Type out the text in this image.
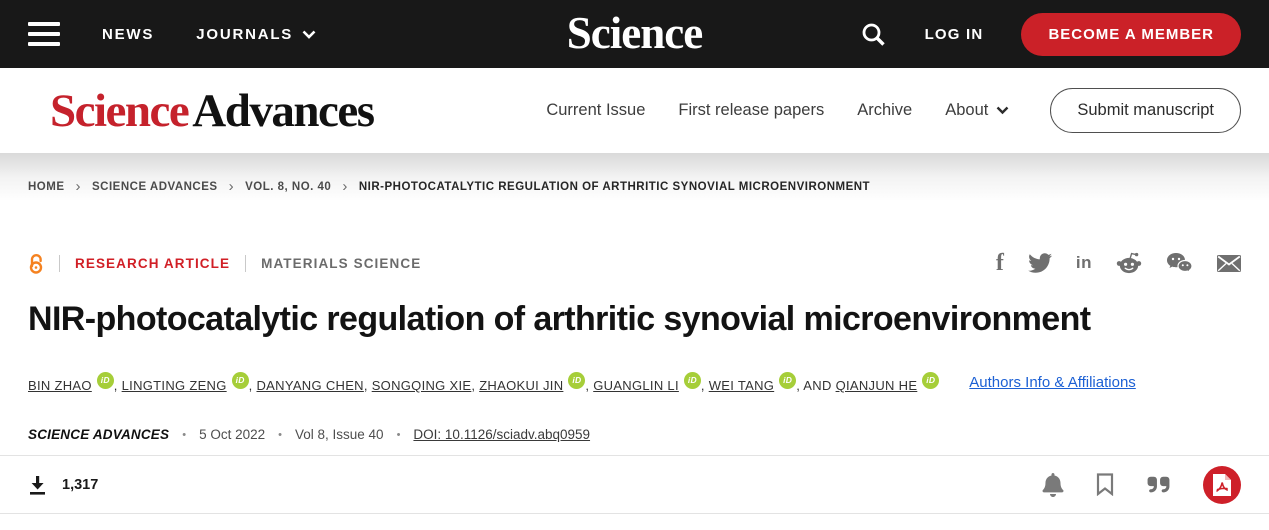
NEWS	JOURNALS	Science	LOG IN	BECOME A MEMBER
ScienceAdvances	Current Issue First release papers Archive About	Submit manuscript
HOME › SCIENCE ADVANCES › VOL. 8, NO. 40 › NIR-PHOTOCATALYTIC REGULATION OF ARTHRITIC SYNOVIAL MICROENVIRONMENT
RESEARCH ARTICLE MATERIALS SCIENCE	f	in
NIR-photocatalytic regulation of arthritic synovial microenvironment
BIN ZHAO iD , LINGTING ZENG iD , DANYANG CHEN, SONGQING XIE, ZHAOKUI JIN iD , GUANGLIN LI iD , WEI TANG iD , AND QIANJUN HE iD Authors Info & Affiliations
SCIENCE ADVANCES • 5 Oct 2022 • Vol 8, Issue 40 • DOI: 10.1126/sciadv.abq0959
1,317
